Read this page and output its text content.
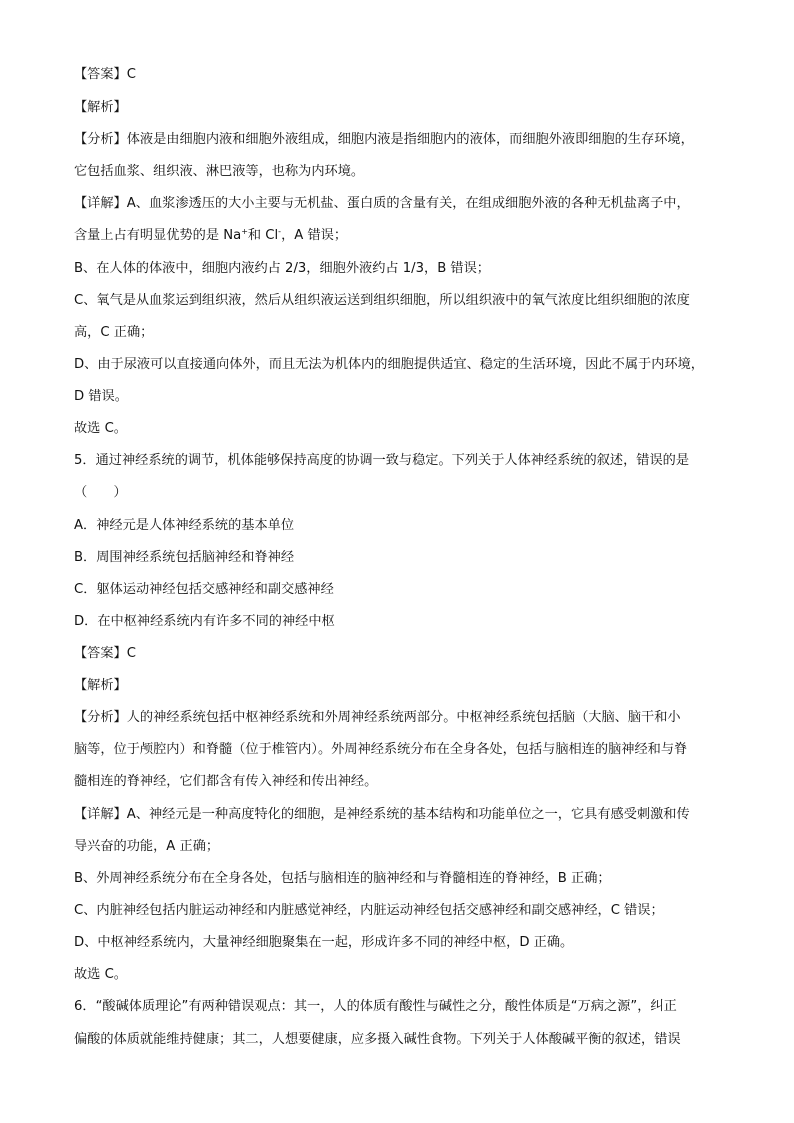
【答案】C
【解析】
【分析】体液是由细胞内液和细胞外液组成，细胞内液是指细胞内的液体，而细胞外液即细胞的生存环境，
它包括血浆、组织液、淋巴液等，也称为内环境。
【详解】A、血浆渗透压的大小主要与无机盐、蛋白质的含量有关，在组成细胞外液的各种无机盐离子中，
含量上占有明显优势的是 Na+和 Cl-，A 错误；
B、在人体的体液中，细胞内液约占 2/3，细胞外液约占 1/3，B 错误；
C、氧气是从血浆运到组织液，然后从组织液运送到组织细胞，所以组织液中的氧气浓度比组织细胞的浓度
高，C 正确；
D、由于尿液可以直接通向体外，而且无法为机体内的细胞提供适宜、稳定的生活环境，因此不属于内环境，
D 错误。
故选 C。
5．通过神经系统的调节，机体能够保持高度的协调一致与稳定。下列关于人体神经系统的叙述，错误的是
（　　）
A．神经元是人体神经系统的基本单位
B．周围神经系统包括脑神经和脊神经
C．躯体运动神经包括交感神经和副交感神经
D．在中枢神经系统内有许多不同的神经中枢
【答案】C
【解析】
【分析】人的神经系统包括中枢神经系统和外周神经系统两部分。中枢神经系统包括脑（大脑、脑干和小
脑等，位于颅腔内）和脊髓（位于椎管内）。外周神经系统分布在全身各处，包括与脑相连的脑神经和与脊
髓相连的脊神经，它们都含有传入神经和传出神经。
【详解】A、神经元是一种高度特化的细胞，是神经系统的基本结构和功能单位之一，它具有感受刺激和传
导兴奋的功能，A 正确；
B、外周神经系统分布在全身各处，包括与脑相连的脑神经和与脊髓相连的脊神经，B 正确；
C、内脏神经包括内脏运动神经和内脏感觉神经，内脏运动神经包括交感神经和副交感神经，C 错误；
D、中枢神经系统内，大量神经细胞聚集在一起，形成许多不同的神经中枢，D 正确。
故选 C。
6．“酸碱体质理论”有两种错误观点：其一，人的体质有酸性与碱性之分，酸性体质是“万病之源”，纠正
偏酸的体质就能维持健康；其二，人想要健康，应多摄入碱性食物。下列关于人体酸碱平衡的叙述，错误
